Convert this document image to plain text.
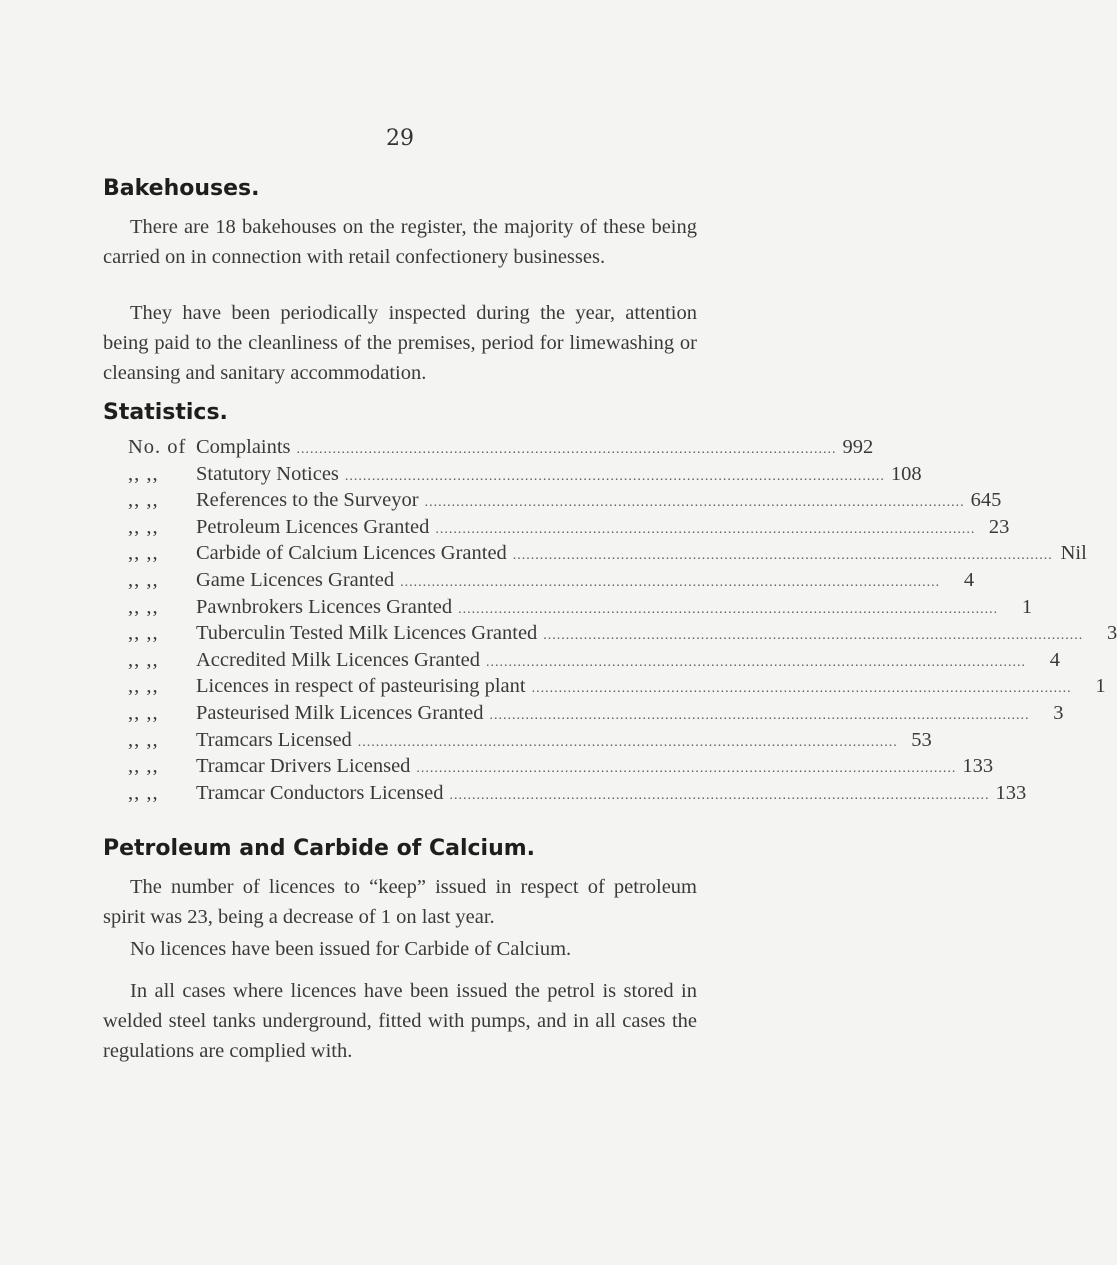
29
Bakehouses.

There are 18 bakehouses on the register, the majority of these being carried on in connection with retail confectionery businesses.

They have been periodically inspected during the year, attention being paid to the cleanliness of the premises, period for limewashing or cleansing and sanitary accommodation.

Statistics.
No. of Complaints ........................................................................................................................ 992
,, ,,	Statutory Notices ........................................................................................................................ 108
,, ,,	References to the Surveyor ........................................................................................................................ 645
,, ,,	Petroleum Licences Granted ........................................................................................................................ 23
,, ,,	Carbide of Calcium Licences Granted ........................................................................................................................ Nil
,, ,,	Game Licences Granted ........................................................................................................................	4
,, ,,	Pawnbrokers Licences Granted ........................................................................................................................	1
,, ,,	Tuberculin Tested Milk Licences Granted ........................................................................................................................	3
,, ,,	Accredited Milk Licences Granted ........................................................................................................................	4
,, ,,	Licences in respect of pasteurising plant ........................................................................................................................	1
,, ,,	Pasteurised Milk Licences Granted ........................................................................................................................	3
,, ,,	Tramcars Licensed ........................................................................................................................ 53
,, ,,	Tramcar Drivers Licensed ........................................................................................................................ 133
,, ,,	Tramcar Conductors Licensed ........................................................................................................................ 133
Petroleum and Carbide of Calcium.

The number of licences to “keep” issued in respect of petroleum spirit was 23, being a decrease of 1 on last year.

No licences have been issued for Carbide of Calcium.

In all cases where licences have been issued the petrol is stored in welded steel tanks underground, fitted with pumps, and in all cases the regulations are complied with.
